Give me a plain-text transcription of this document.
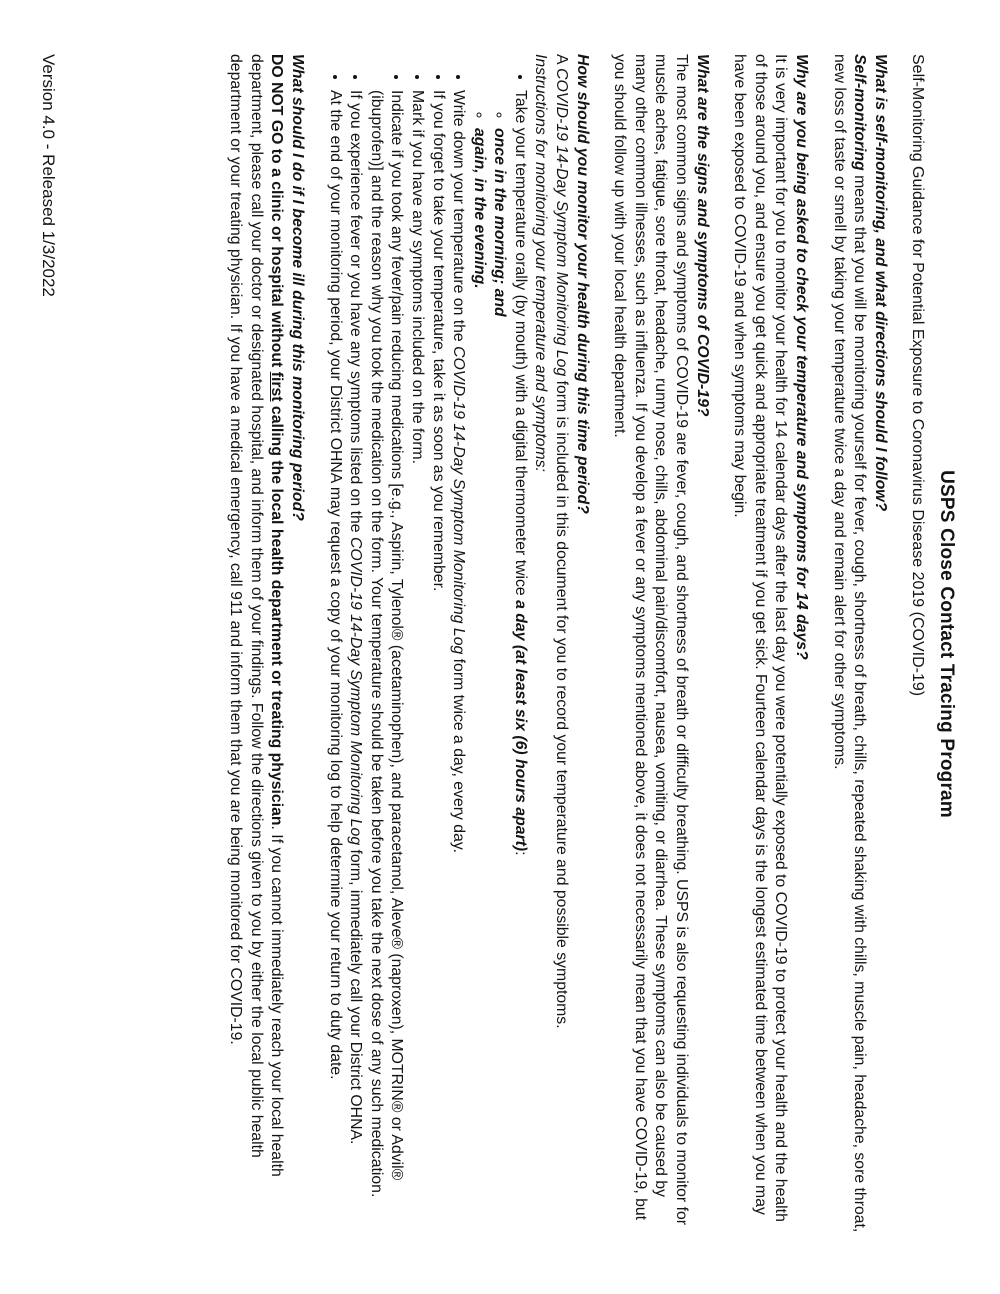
USPS Close Contact Tracing Program
Self-Monitoring Guidance for Potential Exposure to Coronavirus Disease 2019 (COVID-19)
What is self-monitoring, and what directions should I follow?

Self-monitoring means that you will be monitoring yourself for fever, cough, shortness of breath, chills, repeated shaking with chills, muscle pain, headache, sore throat, new loss of taste or smell by taking your temperature twice a day and remain alert for other symptoms.

Why are you being asked to check your temperature and symptoms for 14 days?

It is very important for you to monitor your health for 14 calendar days after the last day you were potentially exposed to COVID-19 to protect your health and the health of those around you, and ensure you get quick and appropriate treatment if you get sick. Fourteen calendar days is the longest estimated time between when you may have been exposed to COVID-19 and when symptoms may begin.

What are the signs and symptoms of COVID-19?

The most common signs and symptoms of COVID-19 are fever, cough, and shortness of breath or difficulty breathing. USPS is also requesting individuals to monitor for muscle aches, fatigue, sore throat, headache, runny nose, chills, abdominal pain/discomfort, nausea, vomiting, or diarrhea. These symptoms can also be caused by many other common illnesses, such as influenza. If you develop a fever or any symptoms mentioned above, it does not necessarily mean that you have COVID-19, but you should follow up with your local health department.

How should you monitor your health during this time period?

A COVID-19 14-Day Symptom Monitoring Log form is included in this document for you to record your temperature and possible symptoms.

Instructions for monitoring your temperature and symptoms:
• Take your temperature orally (by mouth) with a digital thermometer twice a day (at least six (6) hours apart):
◦ once in the morning; and
◦ again, in the evening.
• Write down your temperature on the COVID-19 14-Day Symptom Monitoring Log form twice a day, every day.
• If you forget to take your temperature, take it as soon as you remember.
• Mark if you have any symptoms included on the form.
• Indicate if you took any fever/pain reducing medications [e.g., Aspirin, Tylenol® (acetaminophen), and paracetamol, Aleve® (naproxen), MOTRIN® or Advil® (ibuprofen)] and the reason why you took the medication on the form. Your temperature should be taken before you take the next dose of any such medication.
• If you experience fever or you have any symptoms listed on the COVID-19 14-Day Symptom Monitoring Log form, immediately call your District OHNA.
• At the end of your monitoring period, your District OHNA may request a copy of your monitoring log to help determine your return to duty date.
What should I do if I become ill during this monitoring period?

DO NOT GO to a clinic or hospital without first calling the local health department or treating physician. If you cannot immediately reach your local health department, please call your doctor or designated hospital, and inform them of your findings. Follow the directions given to you by either the local public health department or your treating physician. If you have a medical emergency, call 911 and inform them that you are being monitored for COVID-19.

Version 4.0 - Released 1/3/2022
